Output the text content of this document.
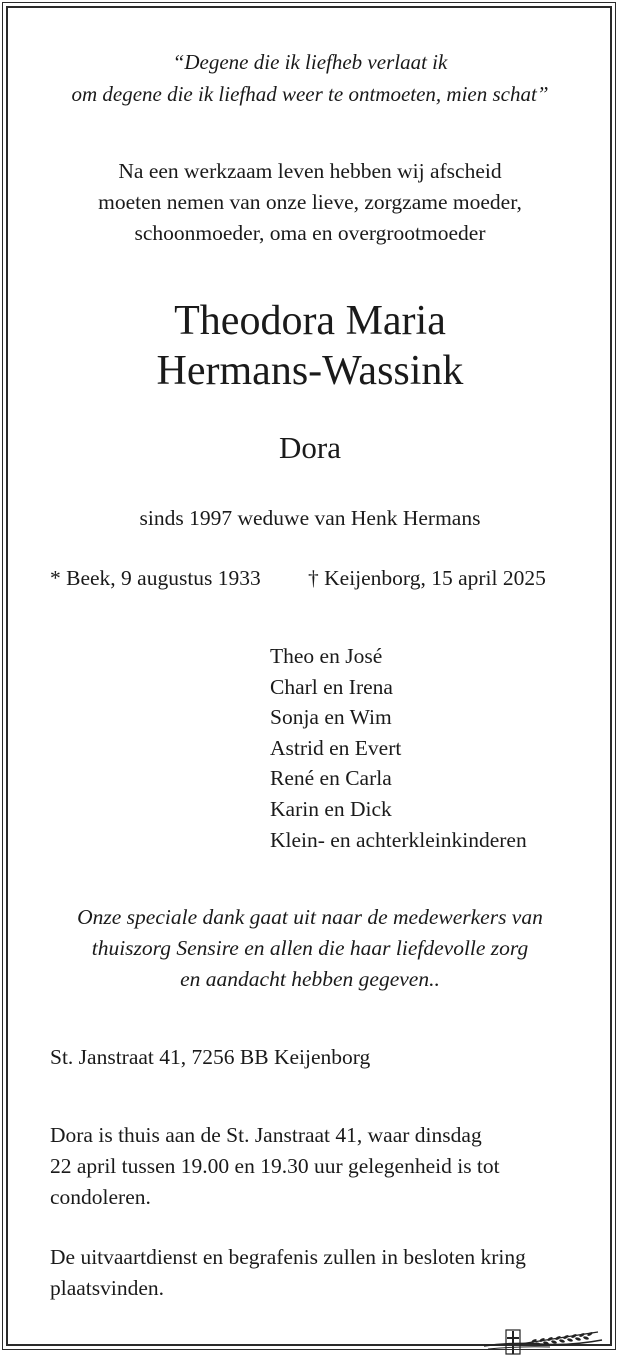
“Degene die ik liefheb verlaat ik
om degene die ik liefhad weer te ontmoeten, mien schat”
Na een werkzaam leven hebben wij afscheid
moeten nemen van onze lieve, zorgzame moeder,
schoonmoeder, oma en overgrootmoeder
Theodora Maria
Hermans-Wassink
Dora
sinds 1997 weduwe van Henk Hermans
* Beek, 9 augustus 1933 † Keijenborg, 15 april 2025
Theo en José
Charl en Irena
Sonja en Wim
Astrid en Evert
René en Carla
Karin en Dick
Klein- en achterkleinkinderen
Onze speciale dank gaat uit naar de medewerkers van
thuiszorg Sensire en allen die haar liefdevolle zorg
en aandacht hebben gegeven..
St. Janstraat 41, 7256 BB Keijenborg
Dora is thuis aan de St. Janstraat 41, waar dinsdag
22 april tussen 19.00 en 19.30 uur gelegenheid is tot
condoleren.
De uitvaartdienst en begrafenis zullen in besloten kring
plaatsvinden.
